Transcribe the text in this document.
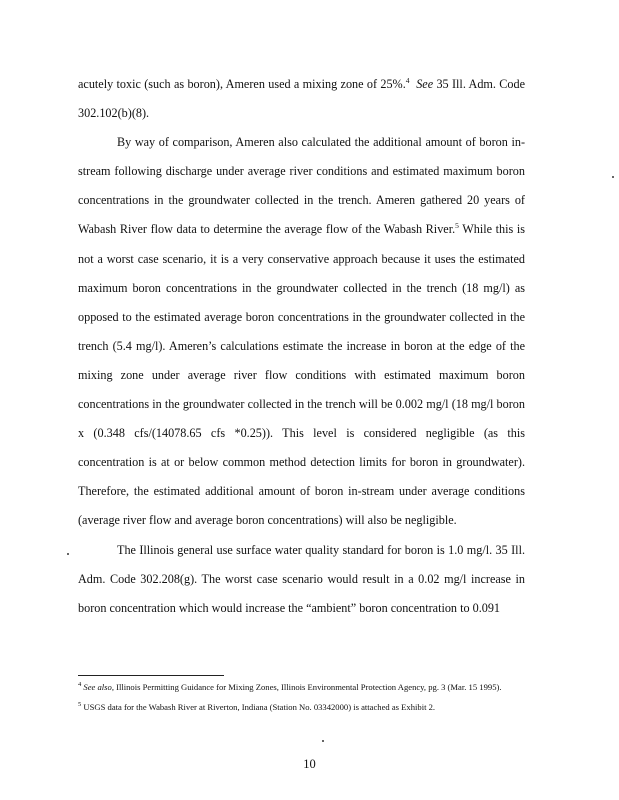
acutely toxic (such as boron), Ameren used a mixing zone of 25%.$^4$ See 35 Ill. Adm. Code 302.102(b)(8).

By way of comparison, Ameren also calculated the additional amount of boron in-stream following discharge under average river conditions and estimated maximum boron concentrations in the groundwater collected in the trench. Ameren gathered 20 years of Wabash River flow data to determine the average flow of the Wabash River.$^5$ While this is not a worst case scenario, it is a very conservative approach because it uses the estimated maximum boron concentrations in the groundwater collected in the trench (18 mg/l) as opposed to the estimated average boron concentrations in the groundwater collected in the trench (5.4 mg/l). Ameren’s calculations estimate the increase in boron at the edge of the mixing zone under average river flow conditions with estimated maximum boron concentrations in the groundwater collected in the trench will be 0.002 mg/l (18 mg/l boron x (0.348 cfs/(14078.65 cfs *0.25)). This level is considered negligible (as this concentration is at or below common method detection limits for boron in groundwater). Therefore, the estimated additional amount of boron in-stream under average conditions (average river flow and average boron concentrations) will also be negligible.

The Illinois general use surface water quality standard for boron is 1.0 mg/l. 35 Ill. Adm. Code 302.208(g). The worst case scenario would result in a 0.02 mg/l increase in boron concentration which would increase the “ambient” boron concentration to 0.091

$^4$ See also, Illinois Permitting Guidance for Mixing Zones, Illinois Environmental Protection Agency, pg. 3 (Mar. 15 1995).

$^5$ USGS data for the Wabash River at Riverton, Indiana (Station No. 03342000) is attached as Exhibit 2.

10
